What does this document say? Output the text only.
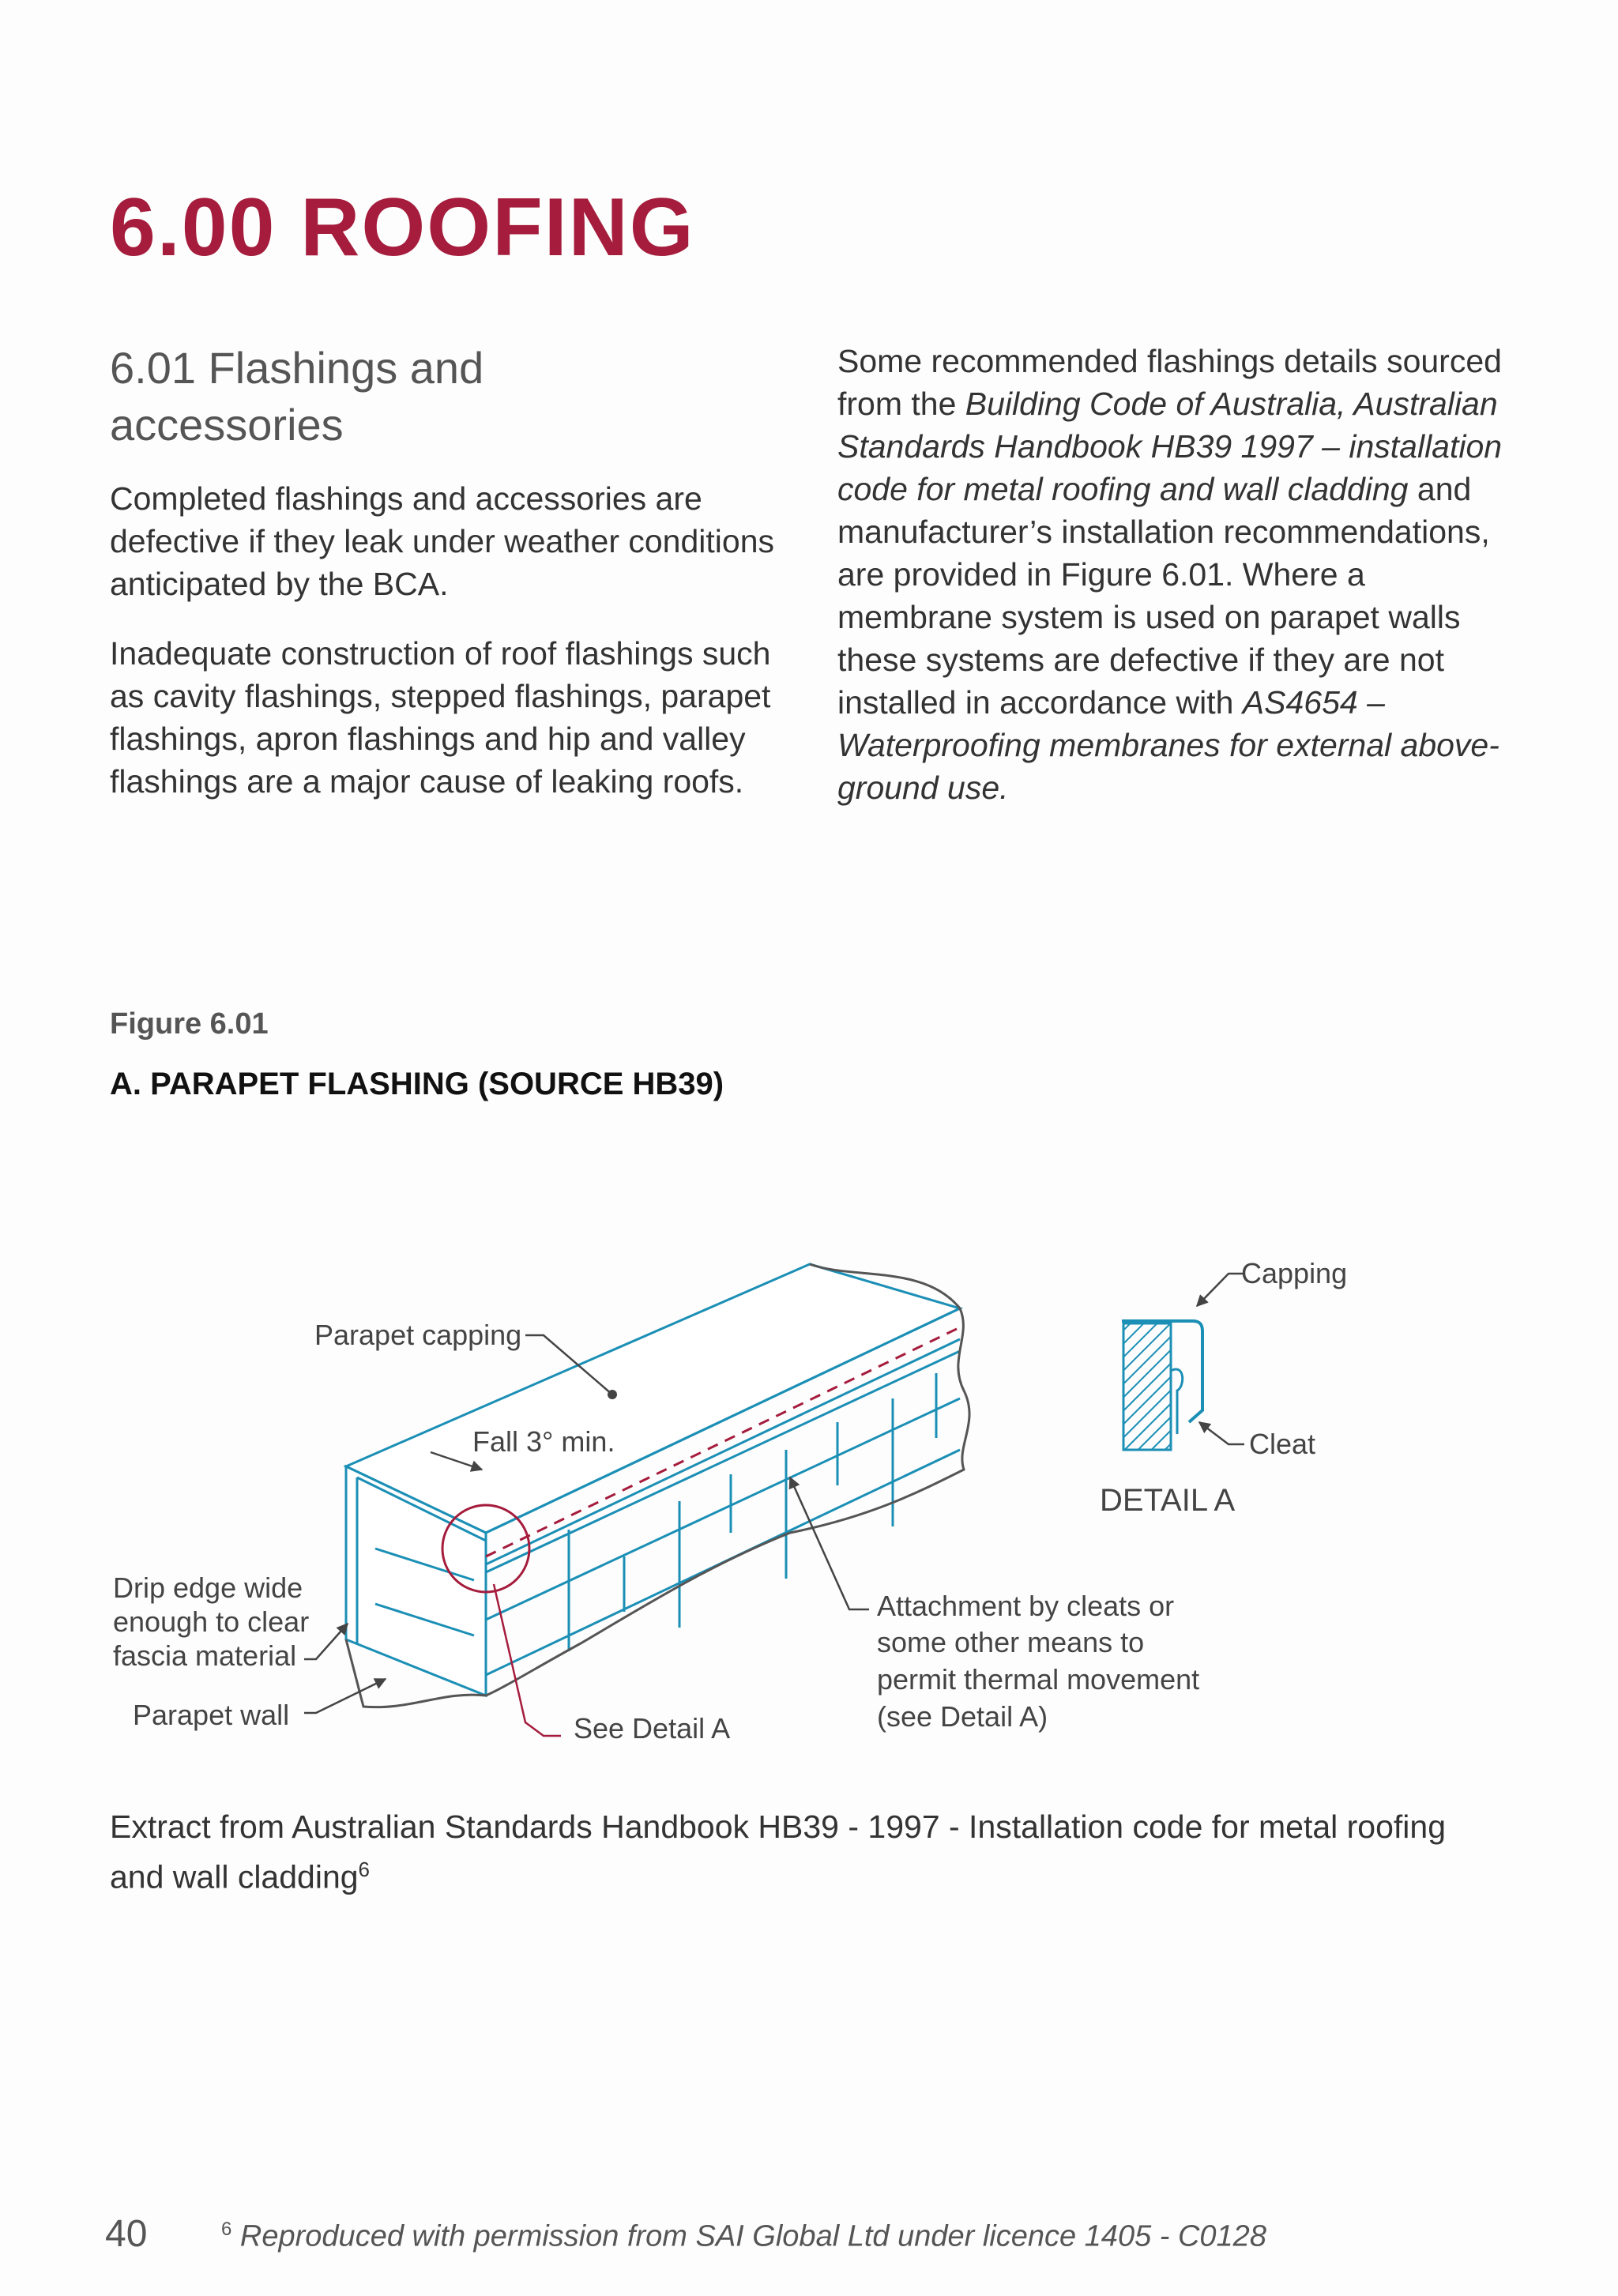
6.00 ROOFING
6.01 Flashings and
accessories

Completed flashings and accessories are defective if they leak under weather conditions anticipated by the BCA.

Inadequate construction of roof flashings such as cavity flashings, stepped flashings, parapet flashings, apron flashings and hip and valley flashings are a major cause of leaking roofs.

Some recommended flashings details sourced from the Building Code of Australia, Australian Standards Handbook HB39 1997 – installation code for metal roofing and wall cladding and manufacturer’s installation recommendations, are provided in Figure 6.01. Where a membrane system is used on parapet walls these systems are defective if they are not installed in accordance with AS4654 – Waterproofing membranes for external above-ground use.

Figure 6.01

A. PARAPET FLASHING (SOURCE HB39)

Parapet capping
Fall 3° min.
Drip edge wide
enough to clear
fascia material
Parapet wall	See Detail A
Attachment by cleats or
some other means to
permit thermal movement
(see Detail A)
Capping
Cleat
DETAIL A

Extract from Australian Standards Handbook HB39 - 1997 - Installation code for metal roofing and wall cladding$^6$

40	$^6$ Reproduced with permission from SAI Global Ltd under licence 1405 - C0128
